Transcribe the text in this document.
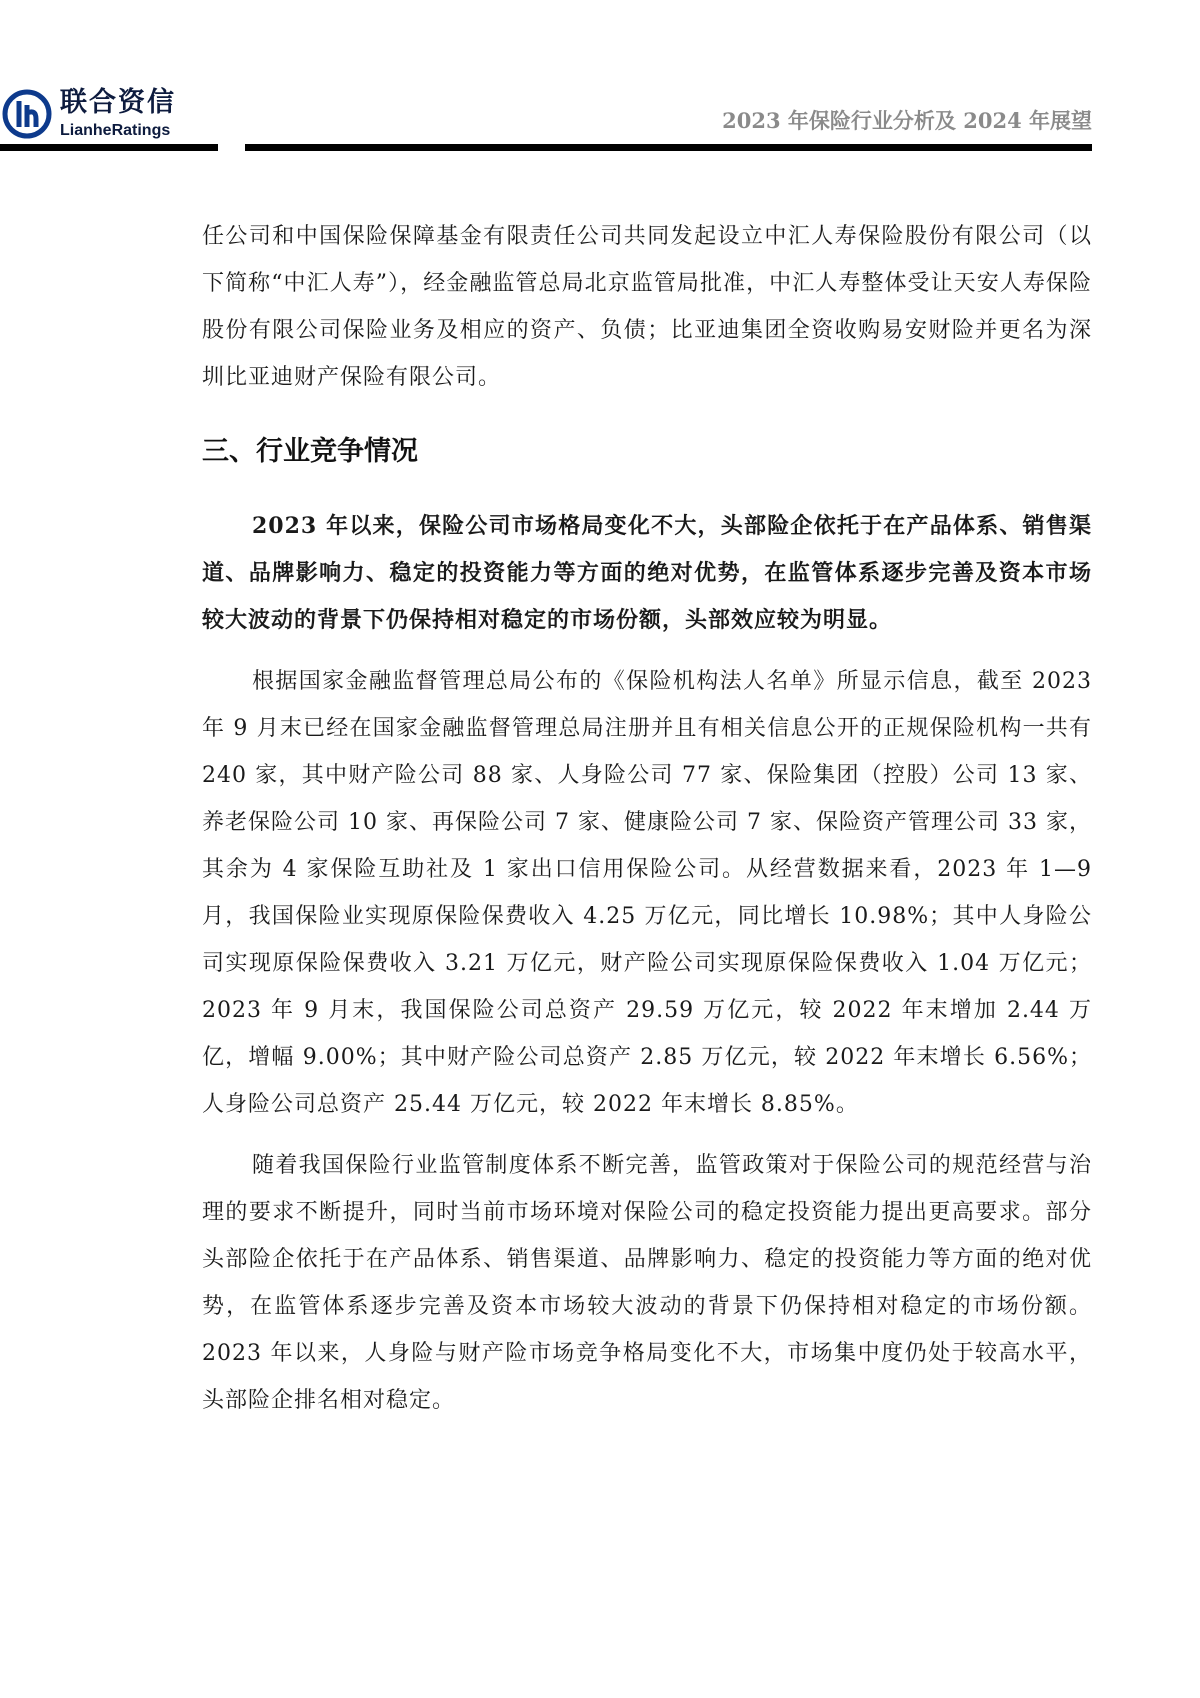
联合资信
LianheRatings	2023 年保险行业分析及 2024 年展望

任公司和中国保险保障基金有限责任公司共同发起设立中汇人寿保险股份有限公司（以下简称“中汇人寿”），经金融监管总局北京监管局批准，中汇人寿整体受让天安人寿保险股份有限公司保险业务及相应的资产、负债；比亚迪集团全资收购易安财险并更名为深圳比亚迪财产保险有限公司。

三、行业竞争情况

2023 年以来，保险公司市场格局变化不大，头部险企依托于在产品体系、销售渠道、品牌影响力、稳定的投资能力等方面的绝对优势，在监管体系逐步完善及资本市场较大波动的背景下仍保持相对稳定的市场份额，头部效应较为明显。

根据国家金融监督管理总局公布的《保险机构法人名单》所显示信息，截至 2023 年 9 月末已经在国家金融监督管理总局注册并且有相关信息公开的正规保险机构一共有 240 家，其中财产险公司 88 家、人身险公司 77 家、保险集团（控股）公司 13 家、养老保险公司 10 家、再保险公司 7 家、健康险公司 7 家、保险资产管理公司 33 家，其余为 4 家保险互助社及 1 家出口信用保险公司。从经营数据来看，2023 年 1—9 月，我国保险业实现原保险保费收入 4.25 万亿元，同比增长 10.98%；其中人身险公司实现原保险保费收入 3.21 万亿元，财产险公司实现原保险保费收入 1.04 万亿元；2023 年 9 月末，我国保险公司总资产 29.59 万亿元，较 2022 年末增加 2.44 万亿，增幅 9.00%；其中财产险公司总资产 2.85 万亿元，较 2022 年末增长 6.56%；人身险公司总资产 25.44 万亿元，较 2022 年末增长 8.85%。

随着我国保险行业监管制度体系不断完善，监管政策对于保险公司的规范经营与治理的要求不断提升，同时当前市场环境对保险公司的稳定投资能力提出更高要求。部分头部险企依托于在产品体系、销售渠道、品牌影响力、稳定的投资能力等方面的绝对优势，在监管体系逐步完善及资本市场较大波动的背景下仍保持相对稳定的市场份额。2023 年以来，人身险与财产险市场竞争格局变化不大，市场集中度仍处于较高水平，头部险企排名相对稳定。
